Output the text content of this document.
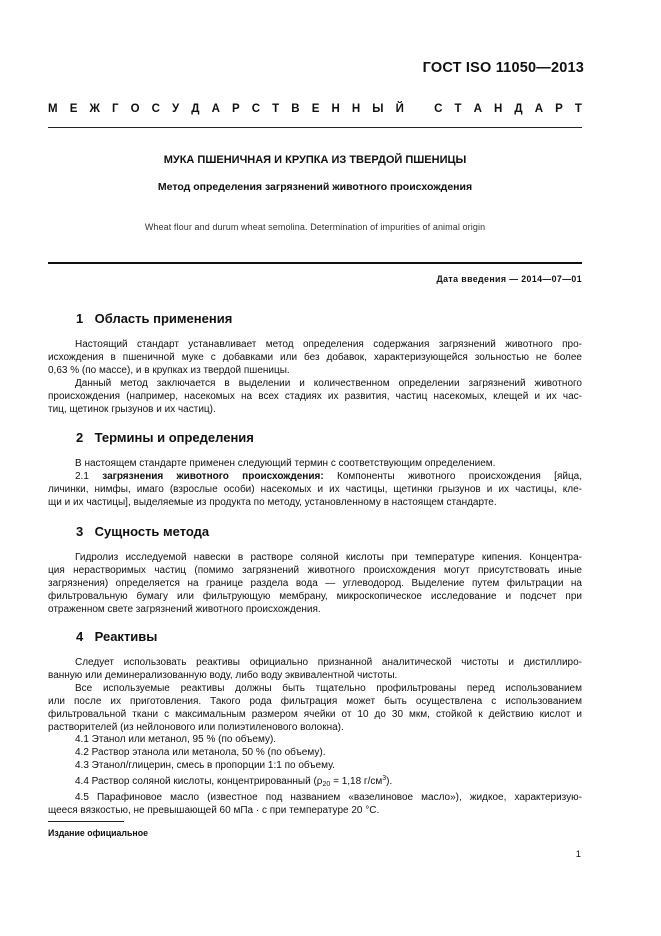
ГОСТ ISO 11050—2013
М Е Ж Г О С У Д А Р С Т В Е Н Н Ы Й	С Т А Н Д А Р Т
МУКА ПШЕНИЧНАЯ И КРУПКА ИЗ ТВЕРДОЙ ПШЕНИЦЫ
Метод определения загрязнений животного происхождения
Wheat flour and durum wheat semolina. Determination of impurities of animal origin
Дата введения — 2014—07—01
1 Область применения
Настоящий стандарт устанавливает метод определения содержания загрязнений животного про-
исхождения в пшеничной муке с добавками или без добавок, характеризующейся зольностью не более
0,63 % (по массе), и в крупках из твердой пшеницы.
Данный метод заключается в выделении и количественном определении загрязнений животного
происхождения (например, насекомых на всех стадиях их развития, частиц насекомых, клещей и их час-
тиц, щетинок грызунов и их частиц).
2 Термины и определения
В настоящем стандарте применен следующий термин с соответствующим определением.
2.1 загрязнения животного происхождения: Компоненты животного происхождения [яйца,
личинки, нимфы, имаго (взрослые особи) насекомых и их частицы, щетинки грызунов и их частицы, кле-
щи и их частицы], выделяемые из продукта по методу, установленному в настоящем стандарте.
3 Сущность метода
Гидролиз исследуемой навески в растворе соляной кислоты при температуре кипения. Концентра-
ция нерастворимых частиц (помимо загрязнений животного происхождения могут присутствовать иные
загрязнения) определяется на границе раздела вода — углеводород. Выделение путем фильтрации на
фильтровальную бумагу или фильтрующую мембрану, микроскопическое исследование и подсчет при
отраженном свете загрязнений животного происхождения.
4 Реактивы
Следует использовать реактивы официально признанной аналитической чистоты и дистиллиро-
ванную или деминерализованную воду, либо воду эквивалентной чистоты.
Все используемые реактивы должны быть тщательно профильтрованы перед использованием
или после их приготовления. Такого рода фильтрация может быть осуществлена с использованием
фильтровальной ткани с максимальным размером ячейки от 10 до 30 мкм, стойкой к действию кислот и
растворителей (из нейлонового или полиэтиленового волокна).
4.1 Этанол или метанол, 95 % (по объему).
4.2 Раствор этанола или метанола, 50 % (по объему).
4.3 Этанол/глицерин, смесь в пропорции 1:1 по объему.
4.4 Раствор соляной кислоты, концентрированный ($\rho_{20} = 1,18$ $г/см^3$).
4.5 Парафиновое масло (известное под названием «вазелиновое масло»), жидкое, характеризую-
щееся вязкостью, не превышающей 60 мПа · с при температуре 20 °С.
Издание официальное
1
